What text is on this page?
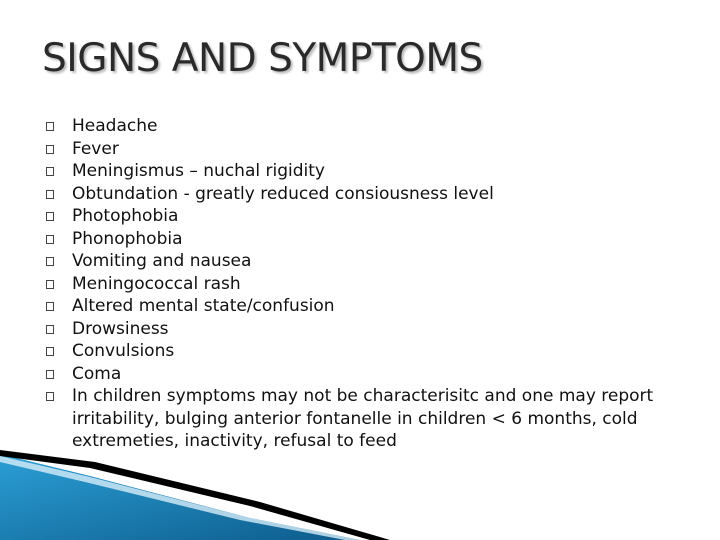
SIGNS AND SYMPTOMS
Headache
Fever
Meningismus – nuchal rigidity
Obtundation - greatly reduced consiousness level
Photophobia
Phonophobia
Vomiting and nausea
Meningococcal rash
Altered mental state/confusion
Drowsiness
Convulsions
Coma
In children symptoms may not be characterisitc and one may report irritability, bulging anterior fontanelle in children < 6 months, cold extremeties, inactivity, refusal to feed
